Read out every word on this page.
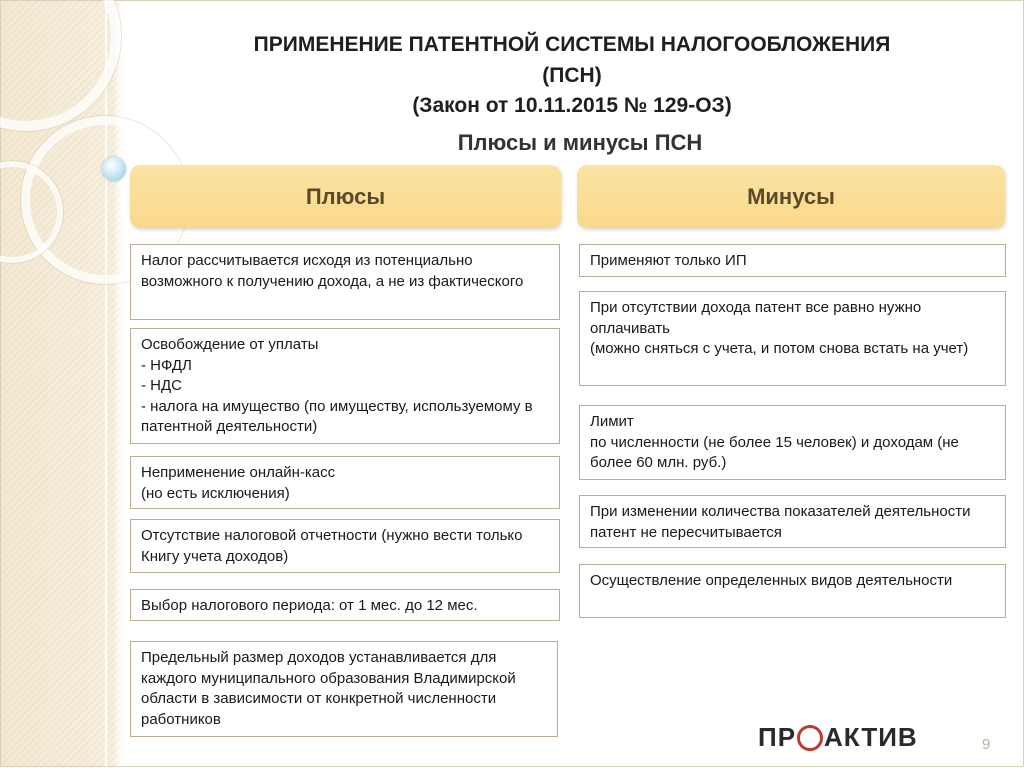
ПРИМЕНЕНИЕ ПАТЕНТНОЙ СИСТЕМЫ НАЛОГООБЛОЖЕНИЯ
(ПСН)
(Закон от 10.11.2015 № 129-ОЗ)
Плюсы и минусы ПСН
Плюсы	Минусы
Налог рассчитывается исходя из потенциально возможного к получению дохода, а не из фактического
Освобождение от уплаты
- НФДЛ
- НДС
- налога на имущество (по имуществу, используемому в патентной деятельности)
Неприменение онлайн-касс
(но есть исключения)
Отсутствие налоговой отчетности (нужно вести только Книгу учета доходов)
Выбор налогового периода: от 1 мес. до 12 мес.
Предельный размер доходов устанавливается для каждого муниципального образования Владимирской области в зависимости от конкретной численности работников
Применяют только ИП
При отсутствии дохода патент все равно нужно оплачивать
(можно сняться с учета, и потом снова встать на учет)
Лимит
по численности (не более 15 человек) и доходам (не более 60 млн. руб.)
При изменении количества показателей деятельности патент не пересчитывается
Осуществление определенных видов деятельности
ПР АКТИВ	9
